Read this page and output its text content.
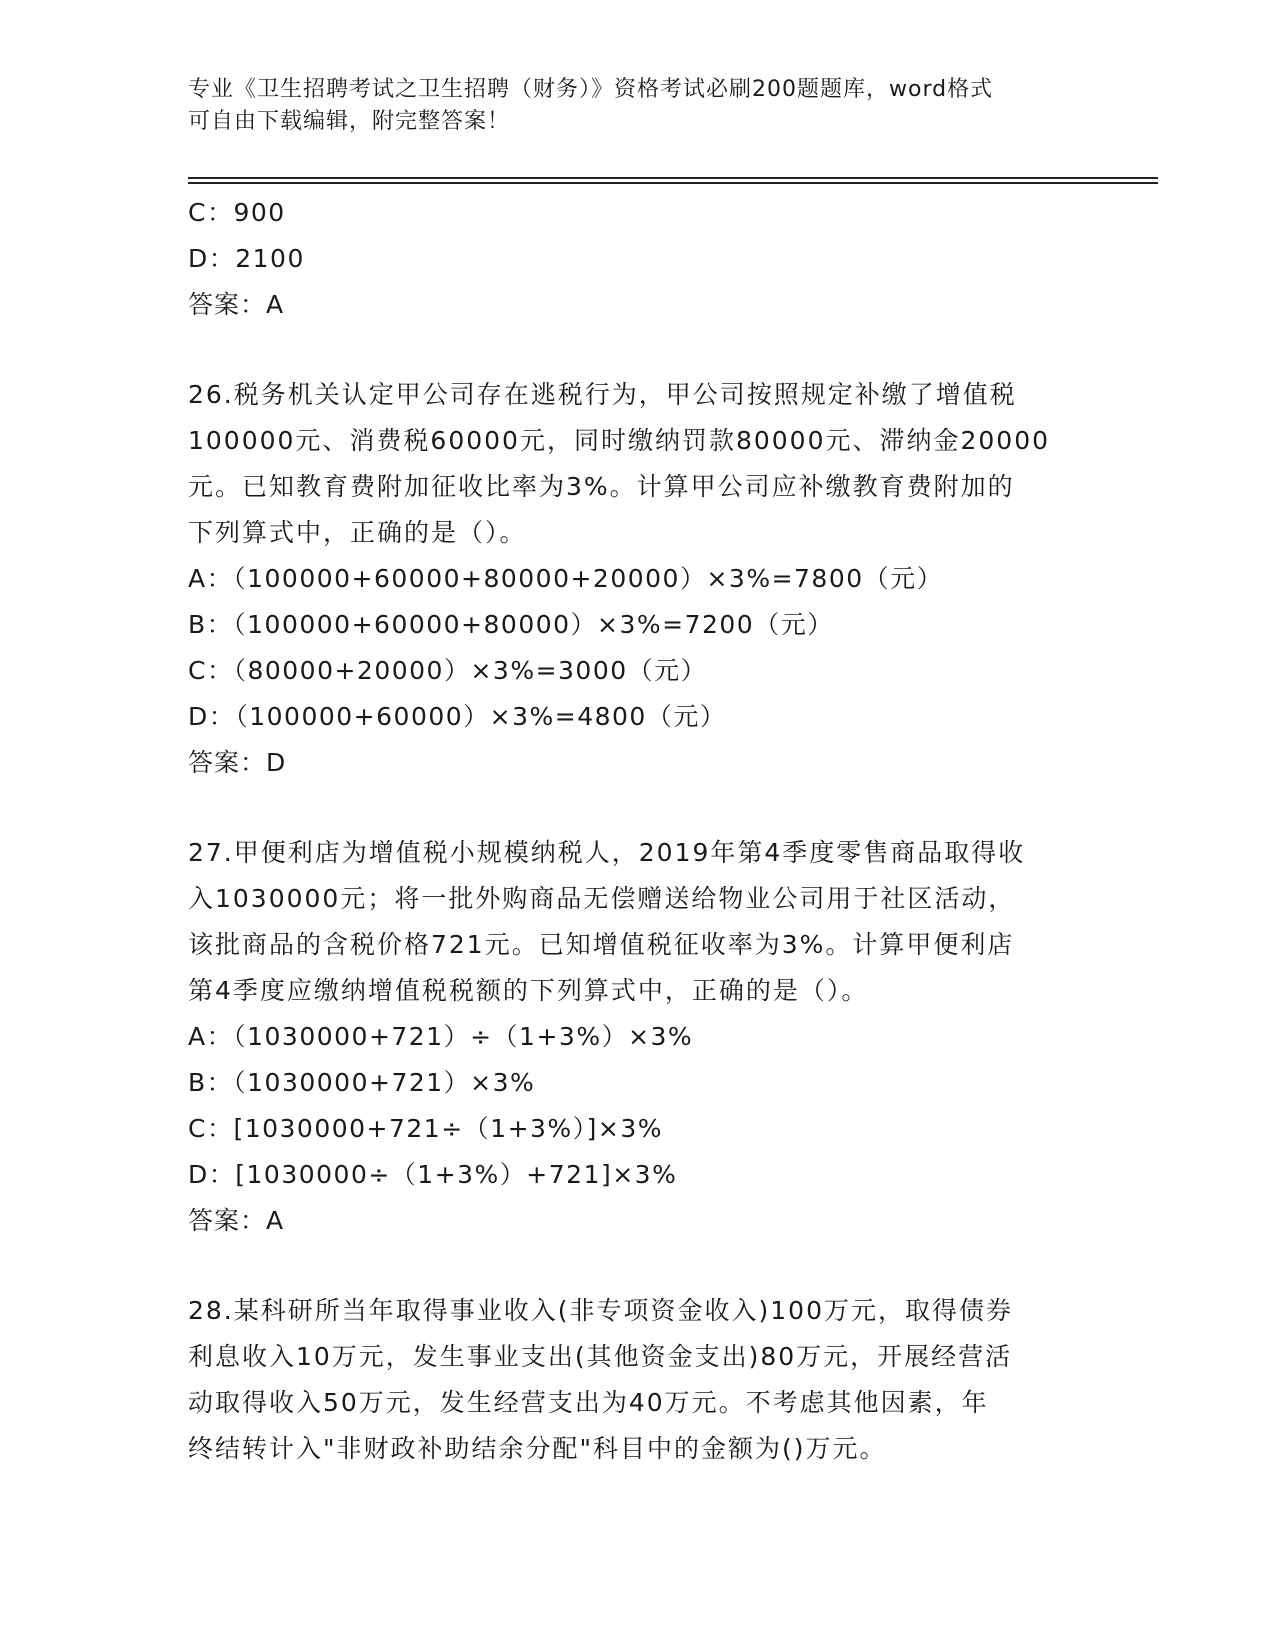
专业《卫生招聘考试之卫生招聘（财务）》资格考试必刷200题题库，word格式
可自由下载编辑，附完整答案！
C：900
D：2100
答案：A
26.税务机关认定甲公司存在逃税行为，甲公司按照规定补缴了增值税
100000元、消费税60000元，同时缴纳罚款80000元、滞纳金20000
元。已知教育费附加征收比率为3%。计算甲公司应补缴教育费附加的
下列算式中，正确的是（）。
A：（100000+60000+80000+20000）×3%=7800（元）
B：（100000+60000+80000）×3%=7200（元）
C：（80000+20000）×3%=3000（元）
D：（100000+60000）×3%=4800（元）
答案：D
27.甲便利店为增值税小规模纳税人，2019年第4季度零售商品取得收
入1030000元；将一批外购商品无偿赠送给物业公司用于社区活动，
该批商品的含税价格721元。已知增值税征收率为3%。计算甲便利店
第4季度应缴纳增值税税额的下列算式中，正确的是（）。
A：（1030000+721）÷（1+3%）×3%
B：（1030000+721）×3%
C：[1030000+721÷（1+3%）]×3%
D：[1030000÷（1+3%）+721]×3%
答案：A
28.某科研所当年取得事业收入(非专项资金收入)100万元，取得债券
利息收入10万元，发生事业支出(其他资金支出)80万元，开展经营活
动取得收入50万元，发生经营支出为40万元。不考虑其他因素，年
终结转计入"非财政补助结余分配"科目中的金额为()万元。
